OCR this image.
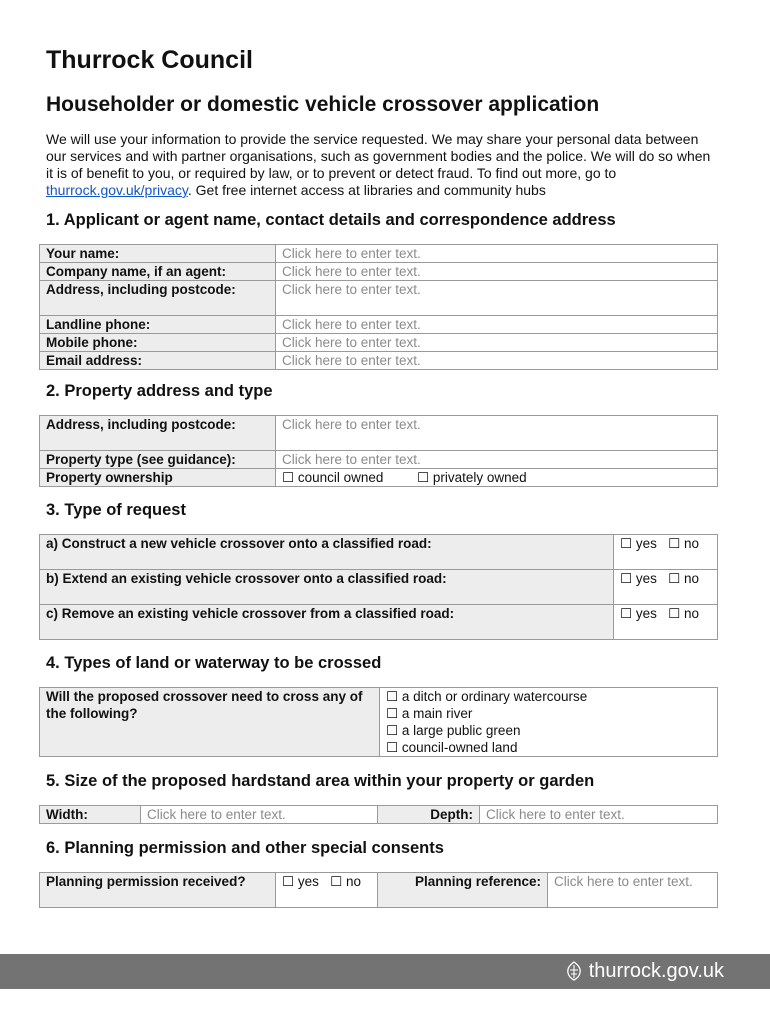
Thurrock Council
Householder or domestic vehicle crossover application

We will use your information to provide the service requested. We may share your personal data between our services and with partner organisations, such as government bodies and the police. We will do so when it is of benefit to you, or required by law, or to prevent or detect fraud. To find out more, go to thurrock.gov.uk/privacy. Get free internet access at libraries and community hubs

1. Applicant or agent name, contact details and correspondence address
Your name:	Click here to enter text.
Company name, if an agent:	Click here to enter text.
Address, including postcode:	Click here to enter text.
Landline phone:	Click here to enter text.
Mobile phone:	Click here to enter text.
Email address:	Click here to enter text.
2. Property address and type
Address, including postcode:	Click here to enter text.
Property type (see guidance):	Click here to enter text.
Property ownership	☐ council owned ☐ privately owned
3. Type of request
a) Construct a new vehicle crossover onto a classified road:	☐ yes ☐ no
b) Extend an existing vehicle crossover onto a classified road:	☐ yes ☐ no
c) Remove an existing vehicle crossover from a classified road:	☐ yes ☐ no
4. Types of land or waterway to be crossed
Will the proposed crossover need to cross any of the following?	
☐ a ditch or ordinary watercourse
☐ a main river
☐ a large public green
☐ council-owned land
5. Size of the proposed hardstand area within your property or garden
Width:	Click here to enter text.	Depth:	Click here to enter text.
6. Planning permission and other special consents
Planning permission received?	☐ yes ☐ no	Planning reference:	Click here to enter text.
thurrock.gov.uk
